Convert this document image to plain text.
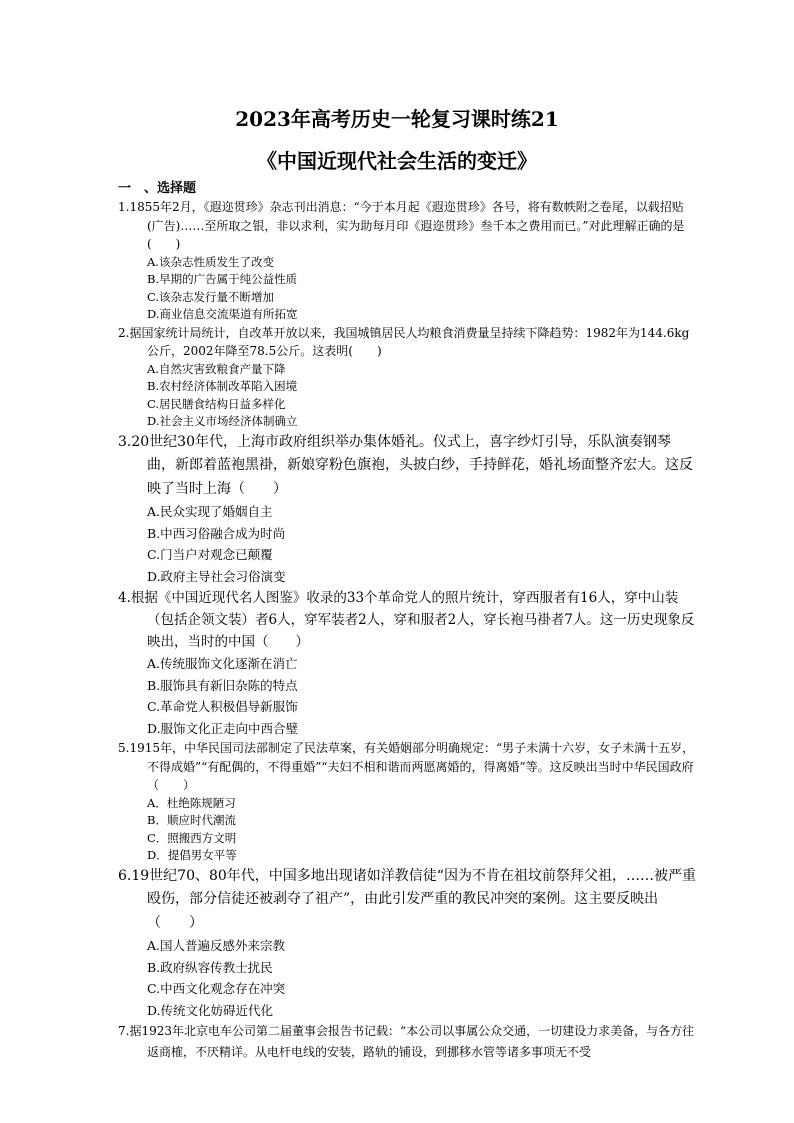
2023年高考历史一轮复习课时练21
《中国近现代社会生活的变迁》
一　、选择题
1.1855年2月，《遐迩贯珍》杂志刊出消息：“今于本月起《遐迩贯珍》各号，将有数帙附之卷尾，以载招贴(广告)……至所取之银，非以求利，实为助每月印《遐迩贯珍》叁千本之费用而已。”对此理解正确的是(　　)
A.该杂志性质发生了改变
B.早期的广告属于纯公益性质
C.该杂志发行量不断增加
D.商业信息交流渠道有所拓宽
2.据国家统计局统计，自改革开放以来，我国城镇居民人均粮食消费量呈持续下降趋势：1982年为144.6kg公斤，2002年降至78.5公斤。这表明(　　)
A.自然灾害致粮食产量下降
B.农村经济体制改革陷入困境
C.居民膳食结构日益多样化
D.社会主义市场经济体制确立
3.20世纪30年代，上海市政府组织举办集体婚礼。仪式上，喜字纱灯引导，乐队演奏钢琴曲，新郎着蓝袍黑褂，新娘穿粉色旗袍，头披白纱，手持鲜花，婚礼场面整齐宏大。这反映了当时上海（　　）
A.民众实现了婚姻自主
B.中西习俗融合成为时尚
C.门当户对观念已颠覆
D.政府主导社会习俗演变
4.根据《中国近现代名人图鉴》收录的33个革命党人的照片统计，穿西服者有16人，穿中山装（包括企领文装）者6人，穿军装者2人，穿和服者2人，穿长袍马褂者7人。这一历史现象反映出，当时的中国（　　）
A.传统服饰文化逐渐在消亡
B.服饰具有新旧杂陈的特点
C.革命党人积极倡导新服饰
D.服饰文化正走向中西合璧
5.1915年，中华民国司法部制定了民法草案，有关婚姻部分明确规定：“男子未满十六岁，女子未满十五岁，不得成婚”“有配偶的，不得重婚”“夫妇不相和谐而两愿离婚的，得离婚”等。这反映出当时中华民国政府（　　）
A．杜绝陈规陋习
B．顺应时代潮流
C．照搬西方文明
D．提倡男女平等
6.19世纪70、80年代，中国多地出现诸如洋教信徒“因为不肯在祖坟前祭拜父祖，……被严重殴伤，部分信徒还被剥夺了祖产”，由此引发严重的教民冲突的案例。这主要反映出（　　）
A.国人普遍反感外来宗教
B.政府纵容传教士扰民
C.中西文化观念存在冲突
D.传统文化妨碍近代化
7.据1923年北京电车公司第二届董事会报告书记载：“本公司以事属公众交通，一切建设力求美备，与各方往返商榷，不厌精详。从电杆电线的安装，路轨的铺设，到挪移水管等诸多事项无不受
